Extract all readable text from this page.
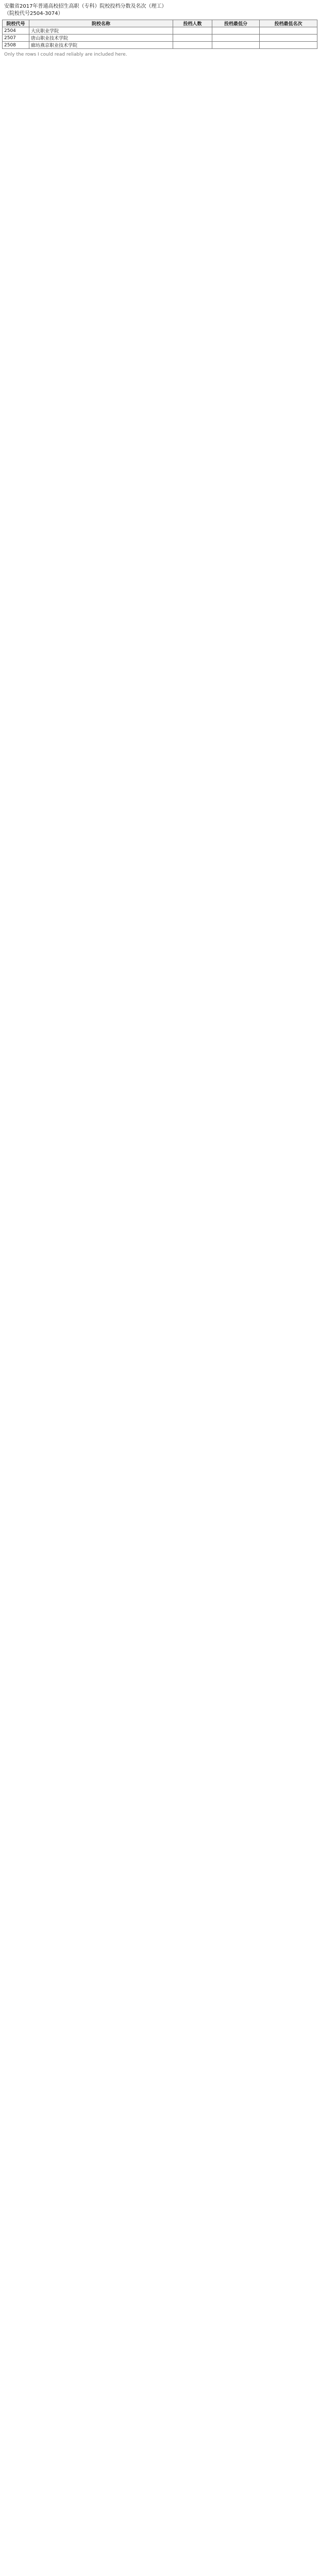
安徽省2017年普通高校招生高职（专科）院校投档分数及名次（理工）
（院校代号2504-3074）
院校代号	院校名称	投档人数	投档最低分	投档最低名次
2504	大庆职业学院			
2507	唐山职业技术学院			
2508	廊坊燕京职业技术学院			
Only the rows I could read reliably are included here.
